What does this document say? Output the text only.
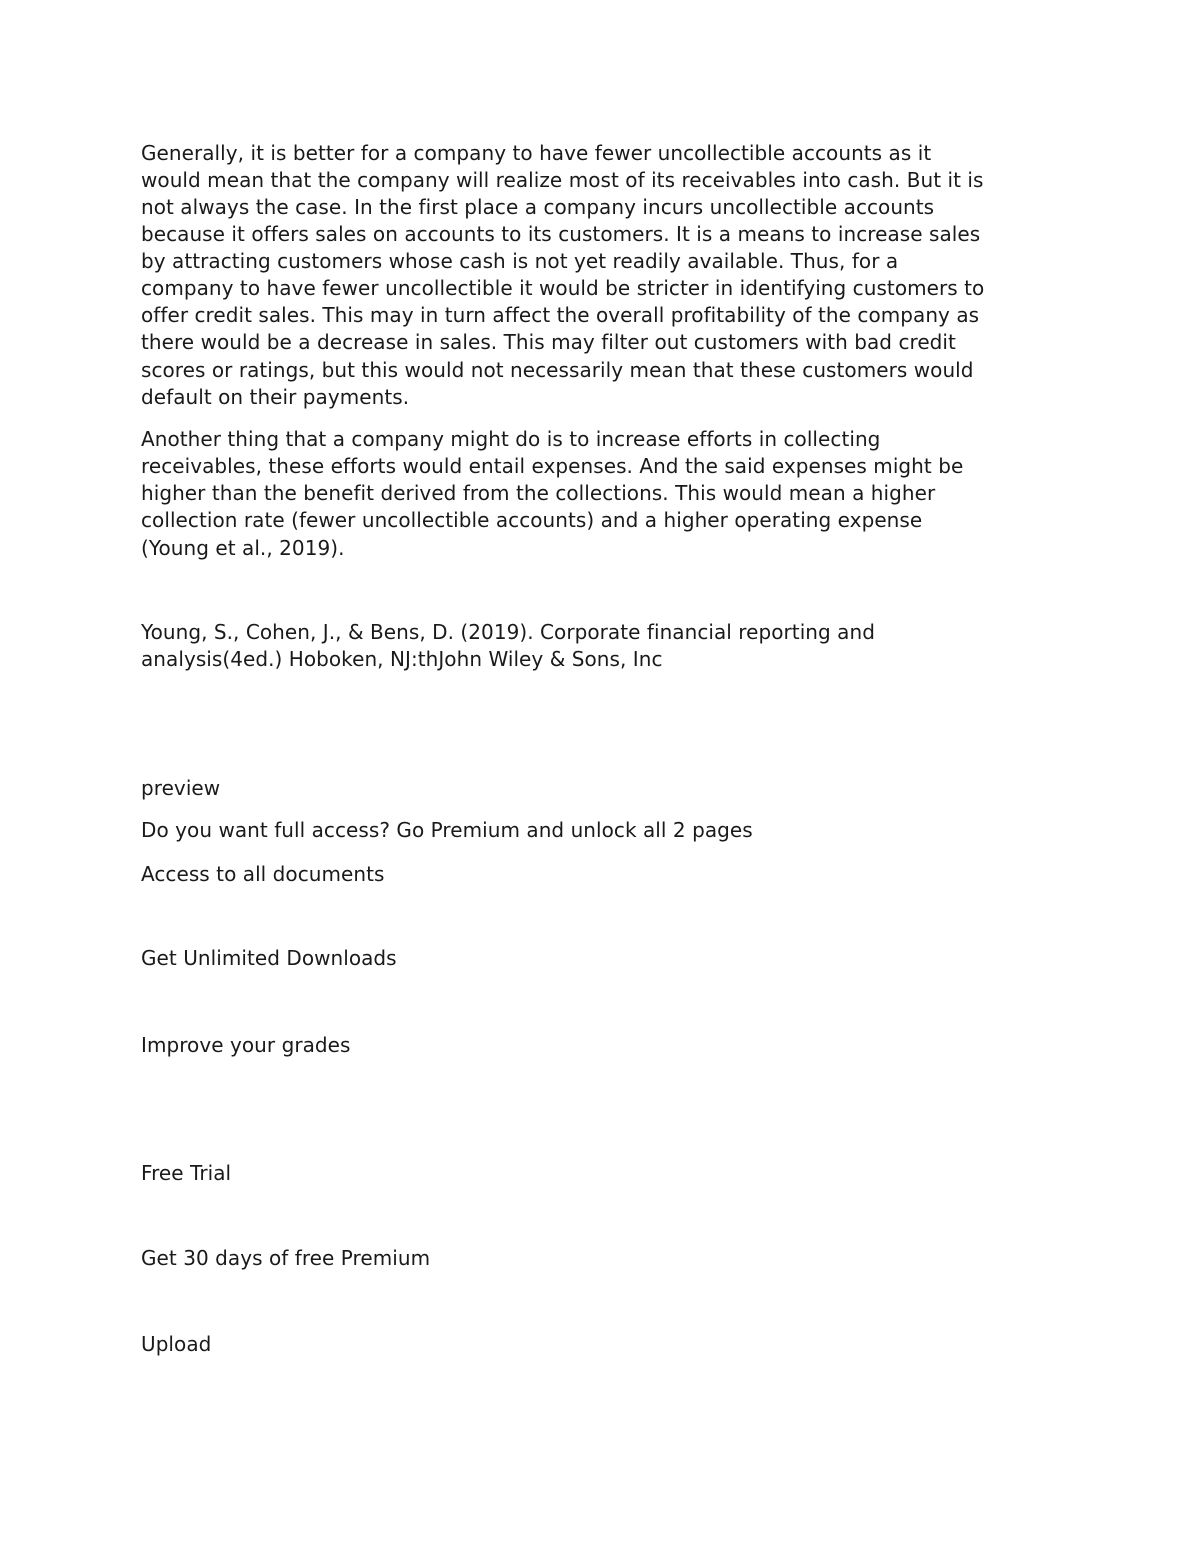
Generally, it is better for a company to have fewer uncollectible accounts as it

would mean that the company will realize most of its receivables into cash. But it is

not always the case. In the first place a company incurs uncollectible accounts

because it offers sales on accounts to its customers. It is a means to increase sales

by attracting customers whose cash is not yet readily available. Thus, for a

company to have fewer uncollectible it would be stricter in identifying customers to

offer credit sales. This may in turn affect the overall profitability of the company as

there would be a decrease in sales. This may filter out customers with bad credit

scores or ratings, but this would not necessarily mean that these customers would

default on their payments.

Another thing that a company might do is to increase efforts in collecting

receivables, these efforts would entail expenses. And the said expenses might be

higher than the benefit derived from the collections. This would mean a higher

collection rate (fewer uncollectible accounts) and a higher operating expense

(Young et al., 2019).

Young, S., Cohen, J., & Bens, D. (2019). Corporate financial reporting and

analysis(4ed.) Hoboken, NJ:thJohn Wiley & Sons, Inc

preview

Do you want full access? Go Premium and unlock all 2 pages

Access to all documents

Get Unlimited Downloads

Improve your grades

Free Trial

Get 30 days of free Premium

Upload
